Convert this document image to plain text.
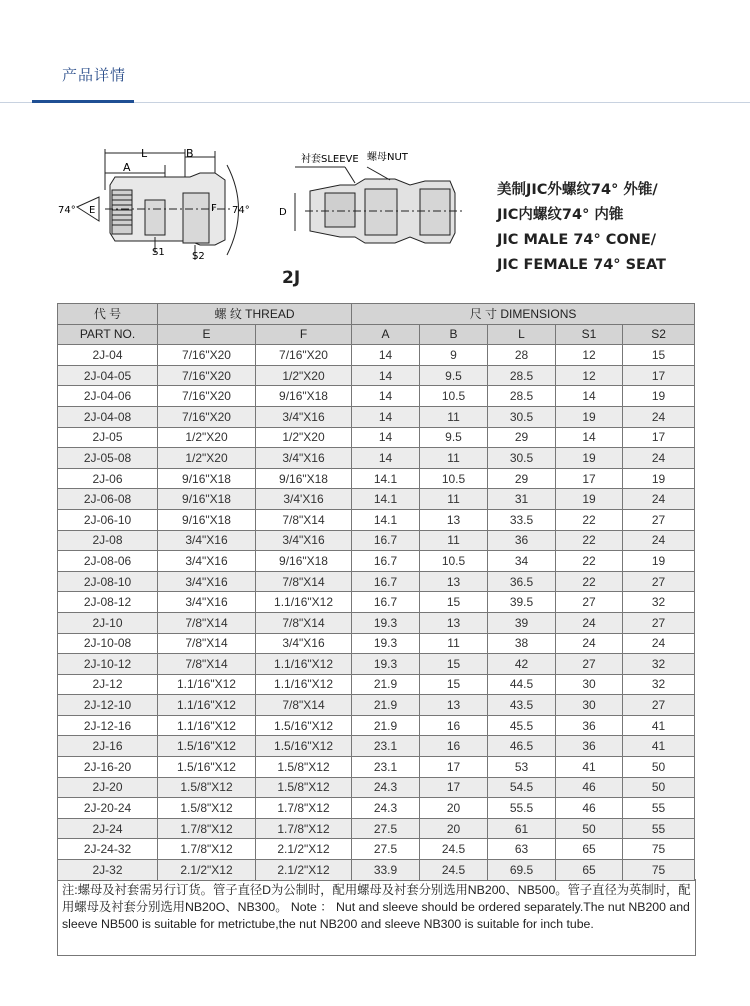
产品详情
74° E	F 74°
L
A
B
S1	S2
衬套SLEEVE 螺母NUT
D
2J
美制JIC外螺纹74° 外锥/
JIC内螺纹74° 内锥
JIC MALE 74° CONE/
JIC FEMALE 74° SEAT
代 号	螺 纹 THREAD		尺 寸 DIMENSIONS				
PART NO.	E	F	A	B	L	S1	S2
2J-04	7/16"X20	7/16"X20	14	9	28	12	15
2J-04-05	7/16"X20	1/2"X20	14	9.5	28.5	12	17
2J-04-06	7/16"X20	9/16"X18	14	10.5	28.5	14	19
2J-04-08	7/16"X20	3/4"X16	14	11	30.5	19	24
2J-05	1/2"X20	1/2"X20	14	9.5	29	14	17
2J-05-08	1/2"X20	3/4"X16	14	11	30.5	19	24
2J-06	9/16"X18	9/16"X18	14.1	10.5	29	17	19
2J-06-08	9/16"X18	3/4'X16	14.1	11	31	19	24
2J-06-10	9/16"X18	7/8"X14	14.1	13	33.5	22	27
2J-08	3/4"X16	3/4"X16	16.7	11	36	22	24
2J-08-06	3/4"X16	9/16"X18	16.7	10.5	34	22	19
2J-08-10	3/4"X16	7/8"X14	16.7	13	36.5	22	27
2J-08-12	3/4"X16	1.1/16"X12	16.7	15	39.5	27	32
2J-10	7/8"X14	7/8"X14	19.3	13	39	24	27
2J-10-08	7/8"X14	3/4"X16	19.3	11	38	24	24
2J-10-12	7/8"X14	1.1/16"X12	19.3	15	42	27	32
2J-12	1.1/16"X12	1.1/16"X12	21.9	15	44.5	30	32
2J-12-10	1.1/16"X12	7/8"X14	21.9	13	43.5	30	27
2J-12-16	1.1/16"X12	1.5/16"X12	21.9	16	45.5	36	41
2J-16	1.5/16"X12	1.5/16"X12	23.1	16	46.5	36	41
2J-16-20	1.5/16"X12	1.5/8"X12	23.1	17	53	41	50
2J-20	1.5/8"X12	1.5/8"X12	24.3	17	54.5	46	50
2J-20-24	1.5/8"X12	1.7/8"X12	24.3	20	55.5	46	55
2J-24	1.7/8"X12	1.7/8"X12	27.5	20	61	50	55
2J-24-32	1.7/8"X12	2.1/2"X12	27.5	24.5	63	65	75
2J-32	2.1/2"X12	2.1/2"X12	33.9	24.5	69.5	65	75
注:螺母及衬套需另行订货。管子直径D为公制时，配用螺母及衬套分别选用NB200、NB500。管子直径为英制时，配用螺母及衬套分别选用NB20O、NB300。 Note ： Nut and sleeve should be ordered separately.The nut NB200 and sleeve NB500 is suitable for metrictube,the nut NB200 and sleeve NB300 is suitable for inch tube.
